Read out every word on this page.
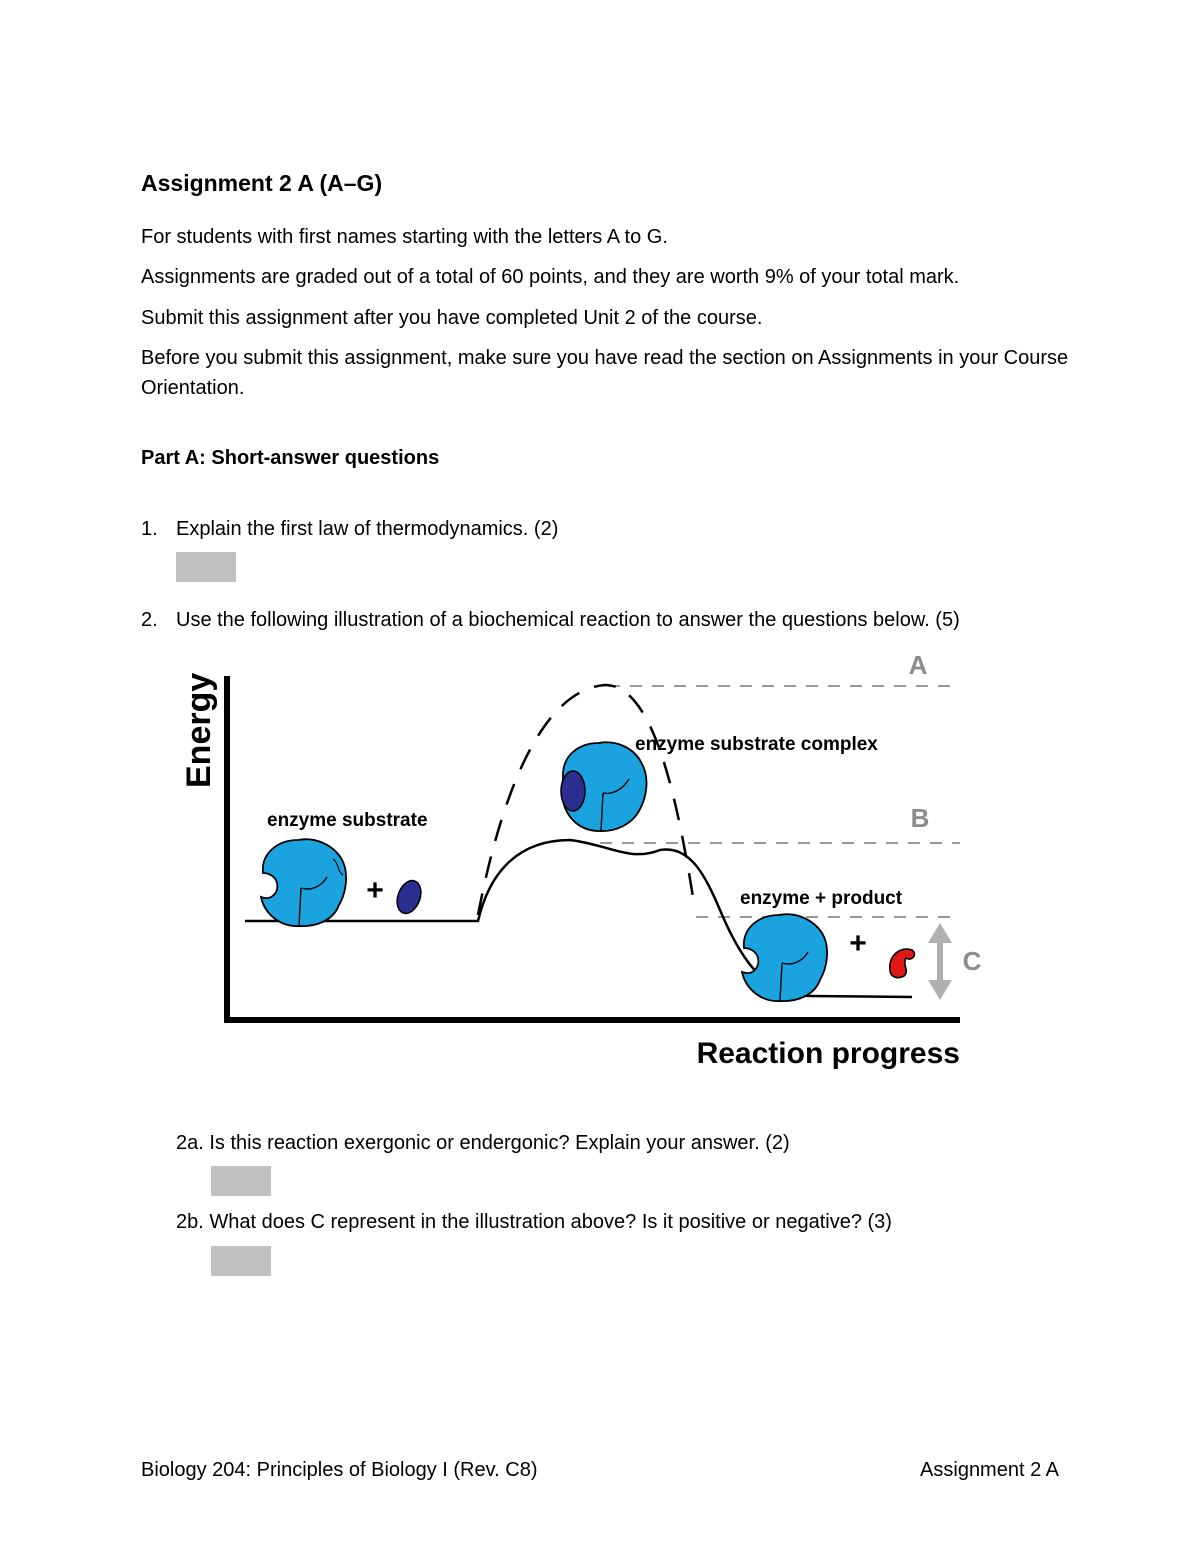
Assignment 2 A (A–G)
For students with first names starting with the letters A to G.
Assignments are graded out of a total of 60 points, and they are worth 9% of your total mark.
Submit this assignment after you have completed Unit 2 of the course.
Before you submit this assignment, make sure you have read the section on Assignments in your Course Orientation.
Part A: Short-answer questions
1. Explain the first law of thermodynamics. (2)
2. Use the following illustration of a biochemical reaction to answer the questions below. (5)
Energy
Reaction progress
A
B
C
enzyme substrate
+
enzyme substrate complex
enzyme + product
+
2a. Is this reaction exergonic or endergonic? Explain your answer. (2)
2b. What does C represent in the illustration above? Is it positive or negative? (3)
Biology 204: Principles of Biology I (Rev. C8)	Assignment 2 A
